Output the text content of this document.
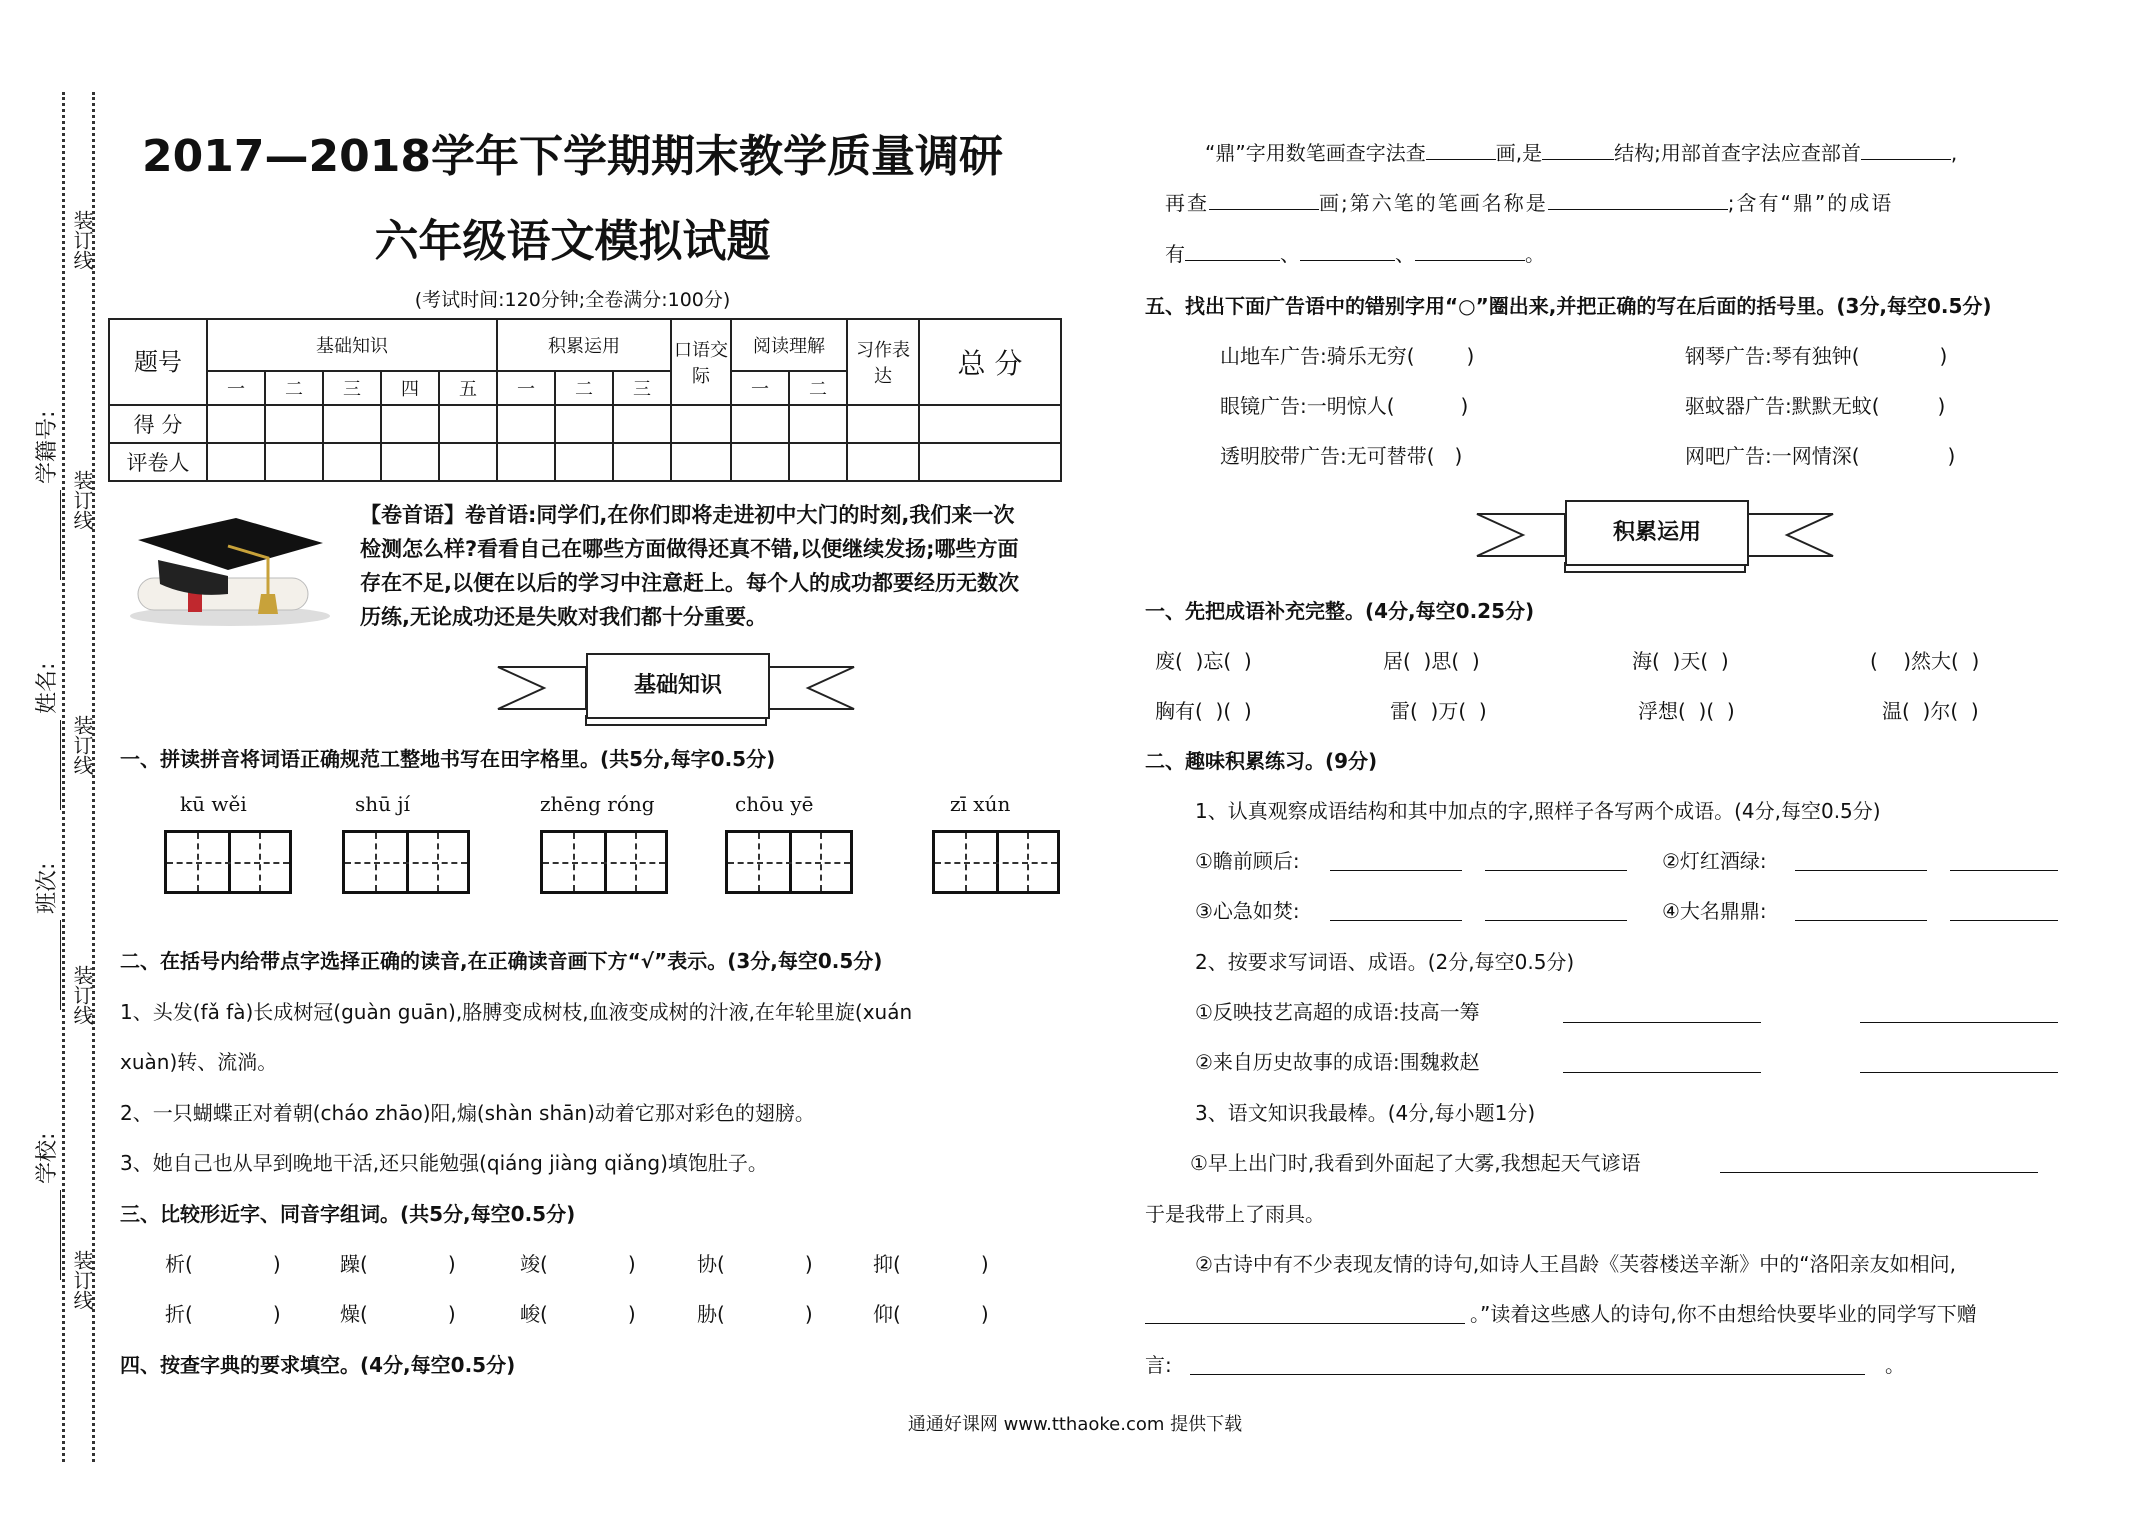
装订线
装订线
装订线
装订线
装订线
学籍号:
姓名:
班次:
学校:
2017—2018学年下学期期末教学质量调研
六年级语文模拟试题
(考试时间:120分钟;全卷满分:100分)
题号	基础知识					积累运用			口语交际	阅读理解		习作表达	总 分
	一	二	三	四	五	一	二	三		一	二		
得 分													
评卷人													
【卷首语】卷首语:同学们,在你们即将走进初中大门的时刻,我们来一次检测怎么样?看看自己在哪些方面做得还真不错,以便继续发扬;哪些方面存在不足,以便在以后的学习中注意赶上。每个人的成功都要经历无数次历练,无论成功还是失败对我们都十分重要。
基础知识
一、拼读拼音将词语正确规范工整地书写在田字格里。(共5分,每字0.5分)
kū wěi	shū jí	zhēng róng	chōu yē	zī xún
二、在括号内给带点字选择正确的读音,在正确读音画下方“√”表示。(3分,每空0.5分)
1、头发(fǎ fà)长成树冠(guàn guān),胳膊变成树枝,血液变成树的汁液,在年轮里旋(xuán
xuàn)转、流淌。
2、一只蝴蝶正对着朝(cháo zhāo)阳,煽(shàn shān)动着它那对彩色的翅膀。
3、她自己也从早到晚地干活,还只能勉强(qiáng jiàng qiǎng)填饱肚子。
三、比较形近字、同音字组词。(共5分,每空0.5分)
析(	)	躁(	)	竣(	)	协(	)	抑(	)
折(	)	燥(	)	峻(	)	胁(	)	仰(	)
四、按查字典的要求填空。(4分,每空0.5分)
“鼎”字用数笔画查字法查	画,是	结构;用部首查字法应查部首	,
再查	画;第六笔的笔画名称是	;含有“鼎”的成语
有	、	、	。
五、找出下面广告语中的错别字用“○”圈出来,并把正确的写在后面的括号里。(3分,每空0.5分)
山地车广告:骑乐无穷(	)	钢琴广告:琴有独钟(	)
眼镜广告:一明惊人(	)	驱蚊器广告:默默无蚊(	)
透明胶带广告:无可替带( )	网吧广告:一网情深(	)
积累运用
一、先把成语补充完整。(4分,每空0.25分)
废(  )忘(  )	居(  )思(  )	海(  )天(  )	(    )然大(  )
胸有(  )(  )	雷(  )万(  )	浮想(  )(  )	温(  )尔(  )
二、趣味积累练习。(9分)
1、认真观察成语结构和其中加点的字,照样子各写两个成语。(4分,每空0.5分)
①瞻前顾后:	②灯红酒绿:
③心急如焚:	④大名鼎鼎:
2、按要求写词语、成语。(2分,每空0.5分)
①反映技艺高超的成语:技高一筹
②来自历史故事的成语:围魏救赵
3、语文知识我最棒。(4分,每小题1分)
①早上出门时,我看到外面起了大雾,我想起天气谚语
于是我带上了雨具。
②古诗中有不少表现友情的诗句,如诗人王昌龄《芙蓉楼送辛渐》中的“洛阳亲友如相问,
。”读着这些感人的诗句,你不由想给快要毕业的同学写下赠
言:	。
通通好课网 www.tthaoke.com 提供下载
